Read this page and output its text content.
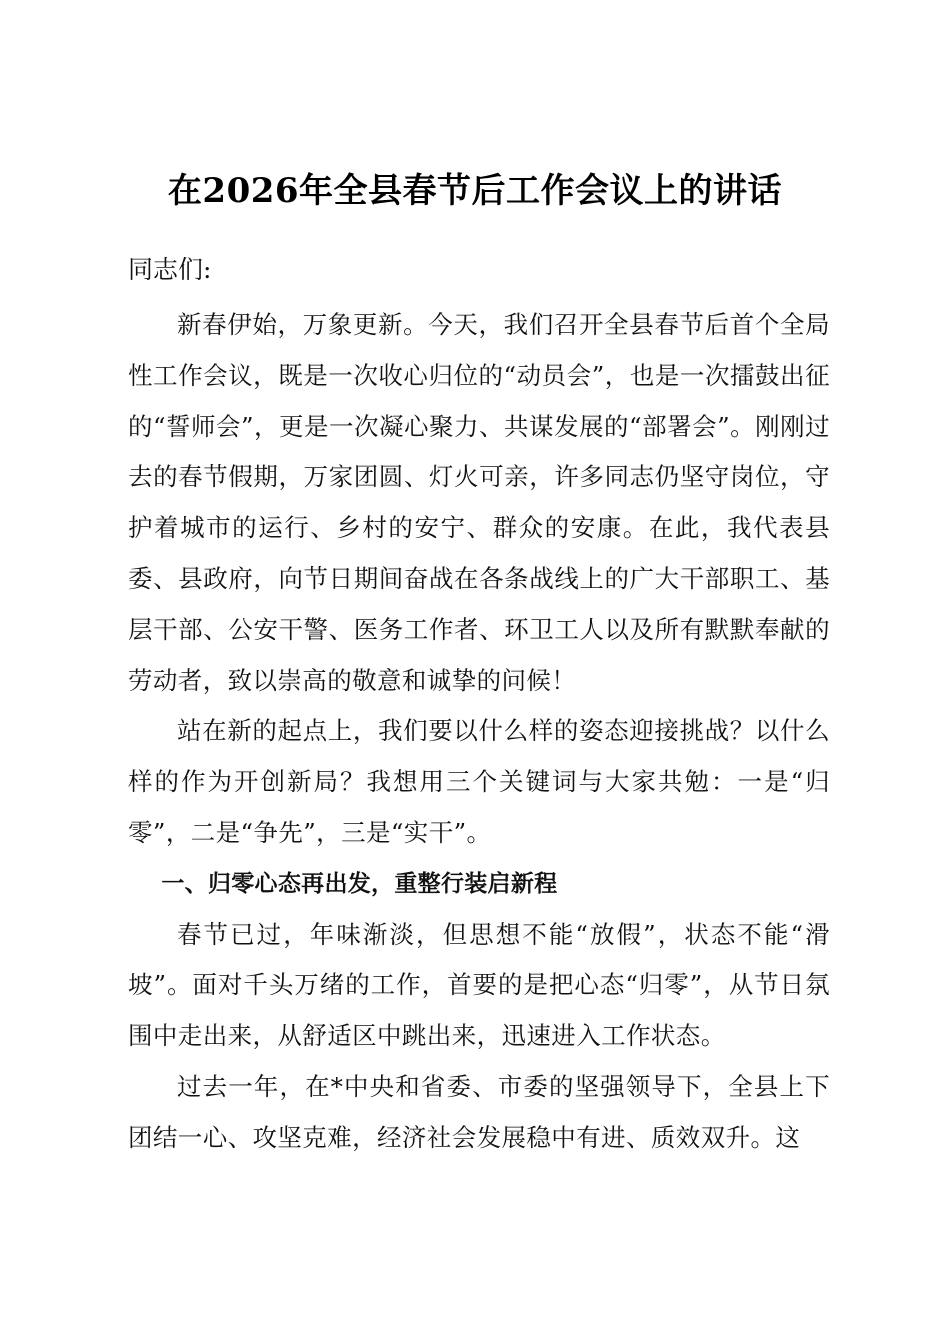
在2026年全县春节后工作会议上的讲话

同志们:

新春伊始，万象更新。今天，我们召开全县春节后首个全局性工作会议，既是一次收心归位的“动员会”，也是一次擂鼓出征的“誓师会”，更是一次凝心聚力、共谋发展的“部署会”。刚刚过去的春节假期，万家团圆、灯火可亲，许多同志仍坚守岗位，守护着城市的运行、乡村的安宁、群众的安康。在此，我代表县委、县政府，向节日期间奋战在各条战线上的广大干部职工、基层干部、公安干警、医务工作者、环卫工人以及所有默默奉献的劳动者，致以崇高的敬意和诚挚的问候！

站在新的起点上，我们要以什么样的姿态迎接挑战？以什么样的作为开创新局？我想用三个关键词与大家共勉：一是“归零”，二是“争先”，三是“实干”。

一、归零心态再出发，重整行装启新程

春节已过，年味渐淡，但思想不能“放假”，状态不能“滑坡”。面对千头万绪的工作，首要的是把心态“归零”，从节日氛围中走出来，从舒适区中跳出来，迅速进入工作状态。

过去一年，在*中央和省委、市委的坚强领导下，全县上下团结一心、攻坚克难，经济社会发展稳中有进、质效双升。这
